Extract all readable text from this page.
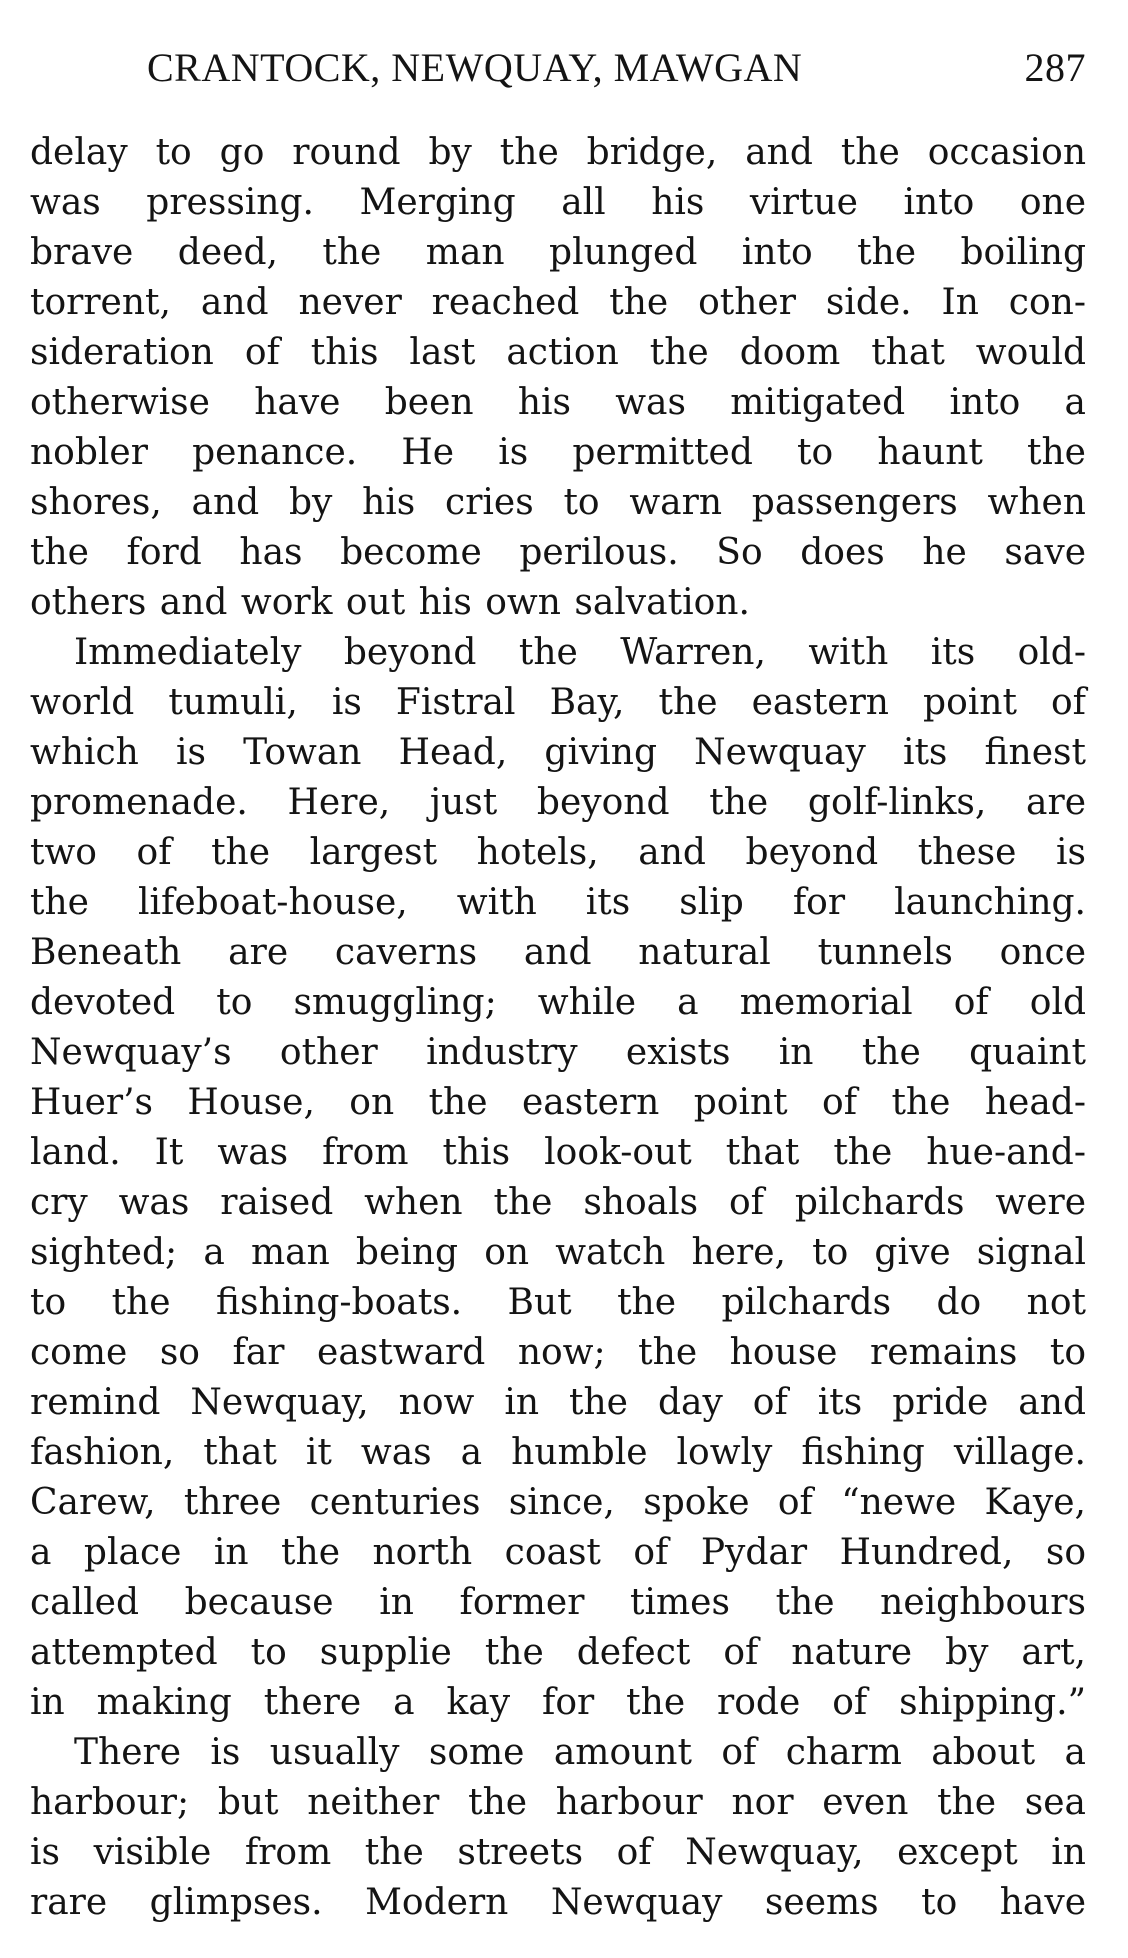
CRANTOCK, NEWQUAY, MAWGAN	287
delay to go round by the bridge, and the occasion
was pressing. Merging all his virtue into one
brave deed, the man plunged into the boiling
torrent, and never reached the other side. In con-
sideration of this last action the doom that would
otherwise have been his was mitigated into a
nobler penance. He is permitted to haunt the
shores, and by his cries to warn passengers when
the ford has become perilous. So does he save
others and work out his own salvation.
Immediately beyond the Warren, with its old-
world tumuli, is Fistral Bay, the eastern point of
which is Towan Head, giving Newquay its finest
promenade. Here, just beyond the golf-links, are
two of the largest hotels, and beyond these is
the lifeboat-house, with its slip for launching.
Beneath are caverns and natural tunnels once
devoted to smuggling; while a memorial of old
Newquay’s other industry exists in the quaint
Huer’s House, on the eastern point of the head-
land. It was from this look-out that the hue-and-
cry was raised when the shoals of pilchards were
sighted; a man being on watch here, to give signal
to the fishing-boats. But the pilchards do not
come so far eastward now; the house remains to
remind Newquay, now in the day of its pride and
fashion, that it was a humble lowly fishing village.
Carew, three centuries since, spoke of “newe Kaye,
a place in the north coast of Pydar Hundred, so
called because in former times the neighbours
attempted to supplie the defect of nature by art,
in making there a kay for the rode of shipping.”
There is usually some amount of charm about a
harbour; but neither the harbour nor even the sea
is visible from the streets of Newquay, except in
rare glimpses. Modern Newquay seems to have
